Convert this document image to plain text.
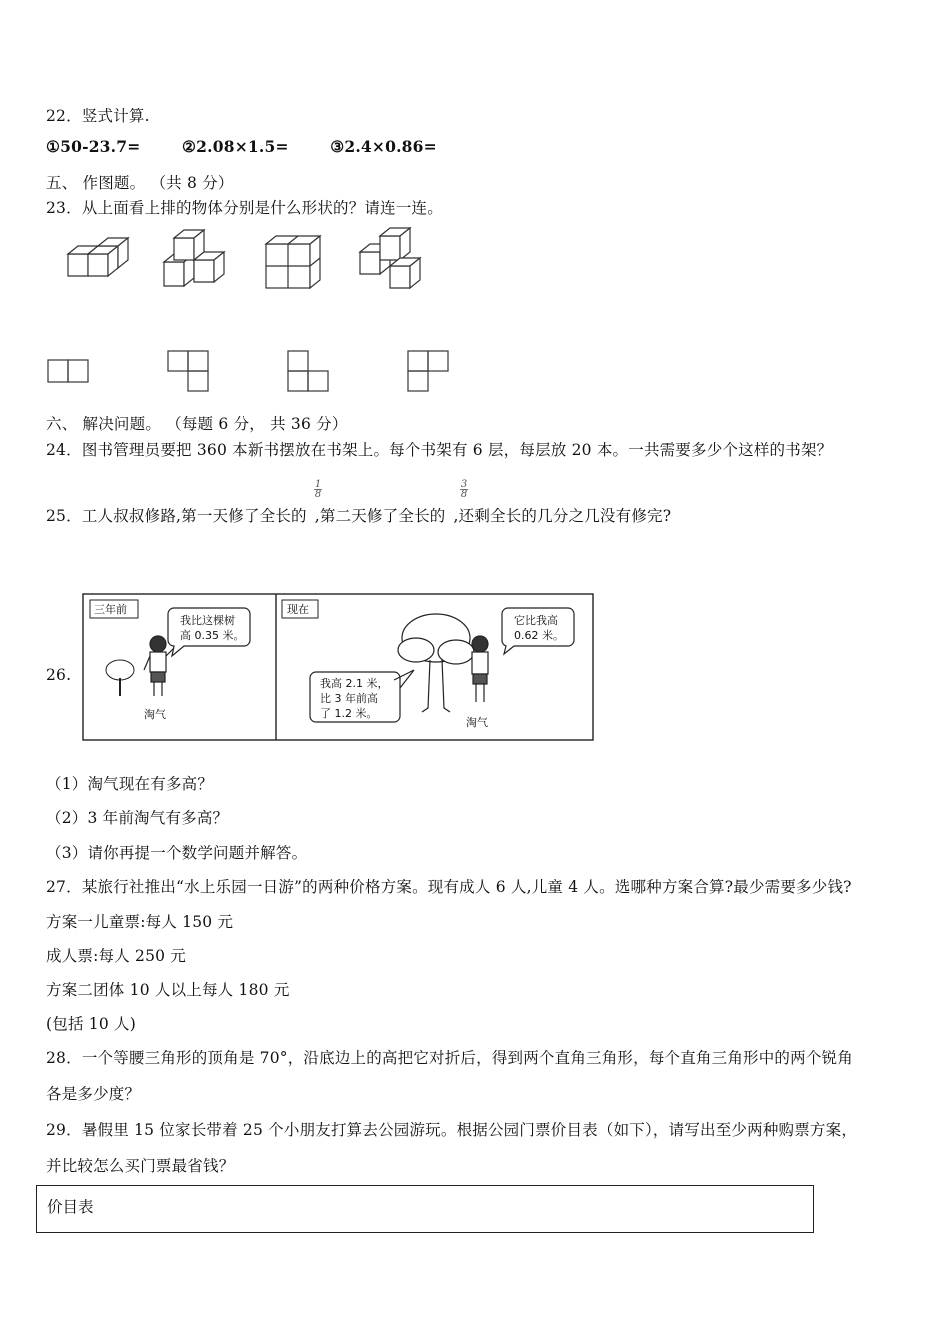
22．竖式计算.
①50-23.7=	②2.08×1.5=	③2.4×0.86=
五、 作图题。 （共 8 分）
23．从上面看上排的物体分别是什么形状的？请连一连。
六、 解决问题。 （每题 6 分， 共 36 分）
24．图书管理员要把 360 本新书摆放在书架上。每个书架有 6 层，每层放 20 本。一共需要多少个这样的书架？
25．工人叔叔修路,第一天修了全长的 ,第二天修了全长的 ,还剩全长的几分之几没有修完?
1
8
3
8
26.
三年前
我比这棵树
高 0.35 米。
淘气
现在
它比我高
0.62 米。
我高 2.1 米，
比 3 年前高
了 1.2 米。
淘气
（1）淘气现在有多高？
（2）3 年前淘气有多高？
（3）请你再提一个数学问题并解答。
27．某旅行社推出“水上乐园一日游”的两种价格方案。现有成人 6 人,儿童 4 人。选哪种方案合算?最少需要多少钱?
方案一儿童票:每人 150 元
成人票:每人 250 元
方案二团体 10 人以上每人 180 元
(包括 10 人)
28．一个等腰三角形的顶角是 70°，沿底边上的高把它对折后，得到两个直角三角形，每个直角三角形中的两个锐角
各是多少度？
29．暑假里 15 位家长带着 25 个小朋友打算去公园游玩。根据公园门票价目表（如下），请写出至少两种购票方案，
并比较怎么买门票最省钱？
价目表
